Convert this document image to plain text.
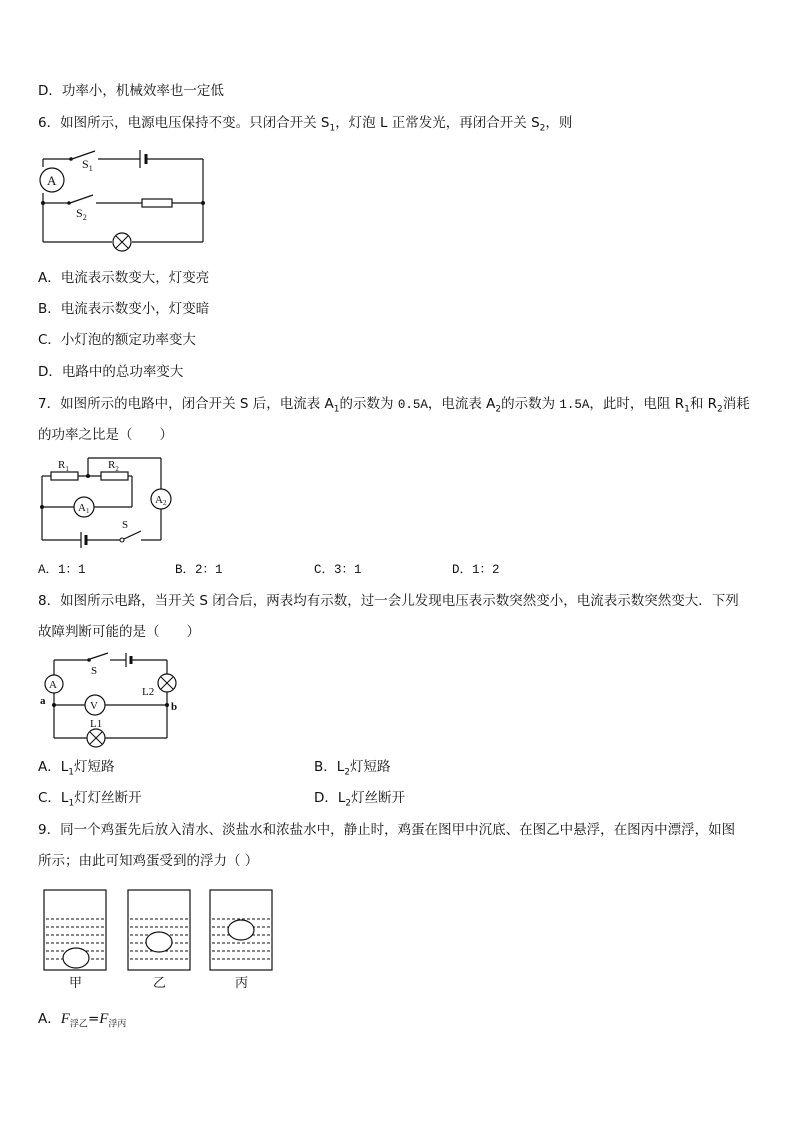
D．功率小，机械效率也一定低
6．如图所示，电源电压保持不变。只闭合开关 $S_1$，灯泡 L 正常发光，再闭合开关 $S_2$，则
$S_1$
$S_2$
A
A．电流表示数变大，灯变亮
B．电流表示数变小，灯变暗
C．小灯泡的额定功率变大
D．电路中的总功率变大
7．如图所示的电路中，闭合开关 S 后，电流表 $A_1$的示数为 0.5A，电流表 $A_2$的示数为 1.5A，此时，电阻 $R_1$和 $R_2$消耗
的功率之比是（　　）
$R_1$	$R_2$
A1
A2
S
A．1：1	B．2：1	C．3：1	D．1：2
8．如图所示电路，当开关 S 闭合后，两表均有示数，过一会儿发现电压表示数突然变小，电流表示数突然变大．下列
故障判断可能的是（　　）
S
A
L2
V
a	b
L1
A．$L_1$灯短路	B．$L_2$灯短路
C．$L_1$灯灯丝断开	D．$L_2$灯丝断开
9．同一个鸡蛋先后放入清水、淡盐水和浓盐水中，静止时，鸡蛋在图甲中沉底、在图乙中悬浮，在图丙中漂浮，如图
所示；由此可知鸡蛋受到的浮力（ ）
甲	乙	丙
A．$F_{浮乙}=F_{浮丙}$
